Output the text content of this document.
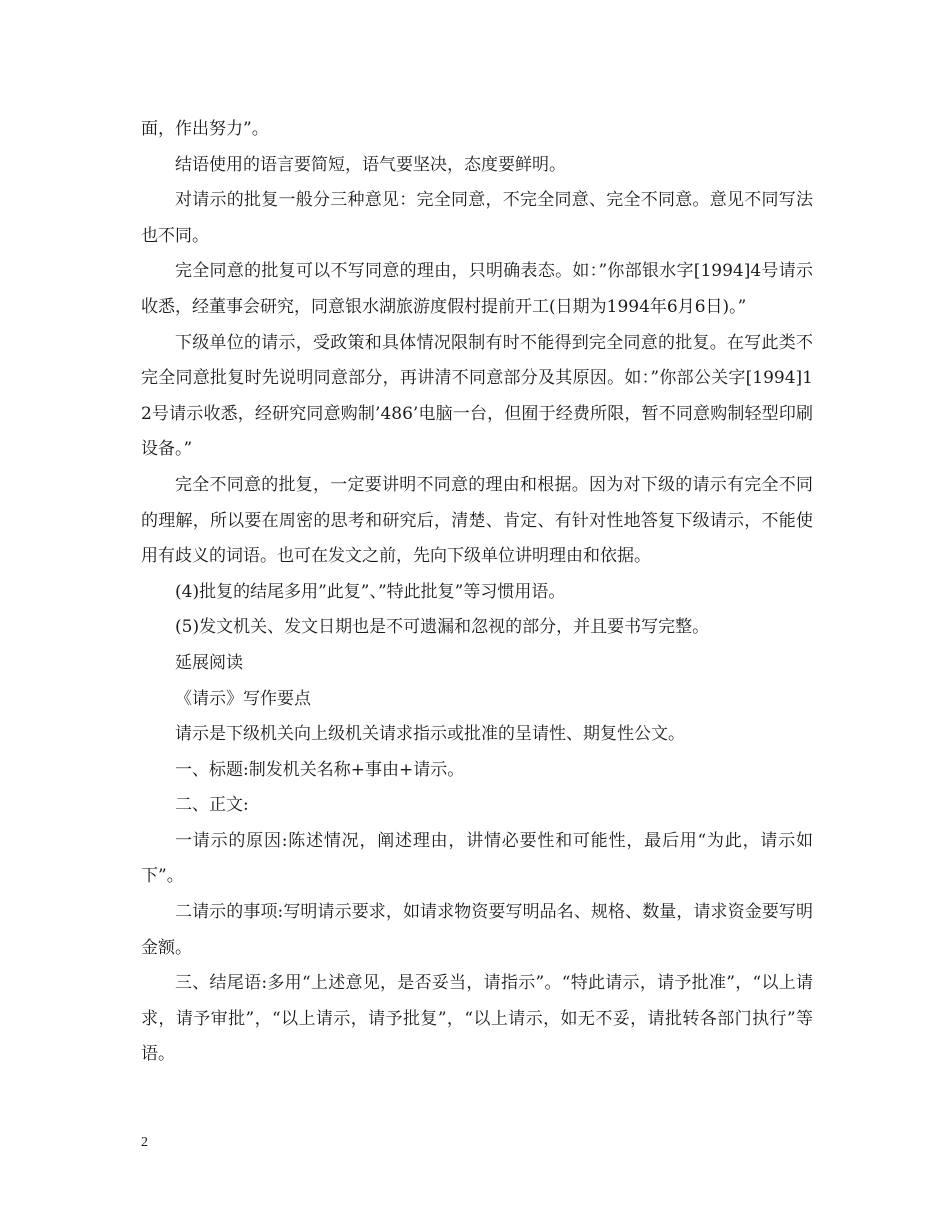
面，作出努力”。

结语使用的语言要简短，语气要坚决，态度要鲜明。

对请示的批复一般分三种意见：完全同意，不完全同意、完全不同意。意见不同写法也不同。

完全同意的批复可以不写同意的理由，只明确表态。如：”你部银水字[1994]4号请示收悉，经董事会研究，同意银水湖旅游度假村提前开工(日期为1994年6月6日)。”

下级单位的请示，受政策和具体情况限制有时不能得到完全同意的批复。在写此类不完全同意批复时先说明同意部分，再讲清不同意部分及其原因。如：”你部公关字[1994]12号请示收悉，经研究同意购制’486’电脑一台，但囿于经费所限，暂不同意购制轻型印刷设备。”

完全不同意的批复，一定要讲明不同意的理由和根据。因为对下级的请示有完全不同的理解，所以要在周密的思考和研究后，清楚、肯定、有针对性地答复下级请示，不能使用有歧义的词语。也可在发文之前，先向下级单位讲明理由和依据。

(4)批复的结尾多用”此复”、”特此批复”等习惯用语。

(5)发文机关、发文日期也是不可遗漏和忽视的部分，并且要书写完整。

延展阅读

《请示》写作要点

请示是下级机关向上级机关请求指示或批准的呈请性、期复性公文。

一、标题:制发机关名称+事由+请示。

二、正文:

一请示的原因:陈述情况，阐述理由，讲情必要性和可能性，最后用“为此，请示如下”。

二请示的事项:写明请示要求，如请求物资要写明品名、规格、数量，请求资金要写明金额。

三、结尾语:多用“上述意见，是否妥当，请指示”。“特此请示，请予批准”，“以上请求，请予审批”，“以上请示，请予批复”，“以上请示，如无不妥，请批转各部门执行”等语。

2
